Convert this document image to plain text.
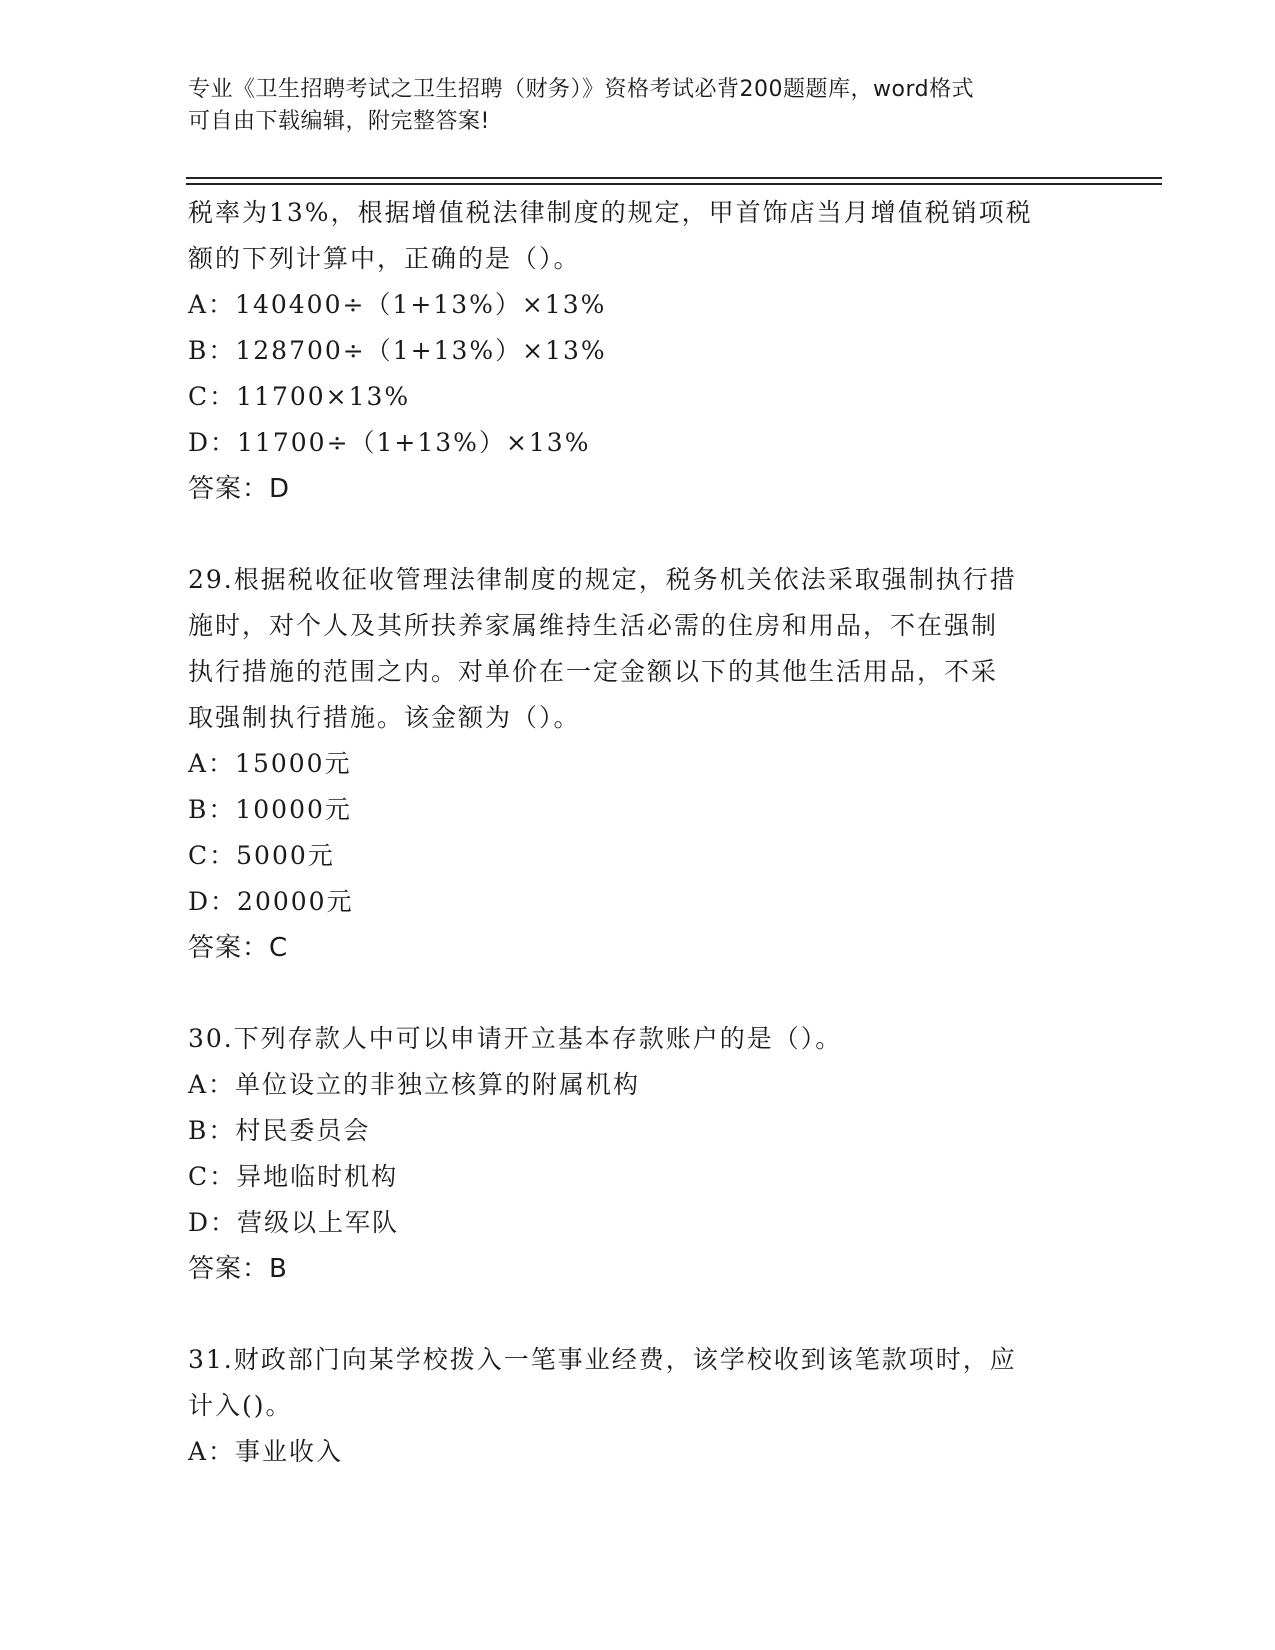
专业《卫生招聘考试之卫生招聘（财务）》资格考试必背200题题库，word格式
可自由下载编辑，附完整答案!
税率为13%，根据增值税法律制度的规定，甲首饰店当月增值税销项税
额的下列计算中，正确的是（）。
A：140400÷（1+13%）×13%
B：128700÷（1+13%）×13%
C：11700×13%
D：11700÷（1+13%）×13%
答案：D
29.根据税收征收管理法律制度的规定，税务机关依法采取强制执行措
施时，对个人及其所扶养家属维持生活必需的住房和用品，不在强制
执行措施的范围之内。对单价在一定金额以下的其他生活用品，不采
取强制执行措施。该金额为（）。
A：15000元
B：10000元
C：5000元
D：20000元
答案：C
30.下列存款人中可以申请开立基本存款账户的是（）。
A：单位设立的非独立核算的附属机构
B：村民委员会
C：异地临时机构
D：营级以上军队
答案：B
31.财政部门向某学校拨入一笔事业经费，该学校收到该笔款项时，应
计入()。
A：事业收入
